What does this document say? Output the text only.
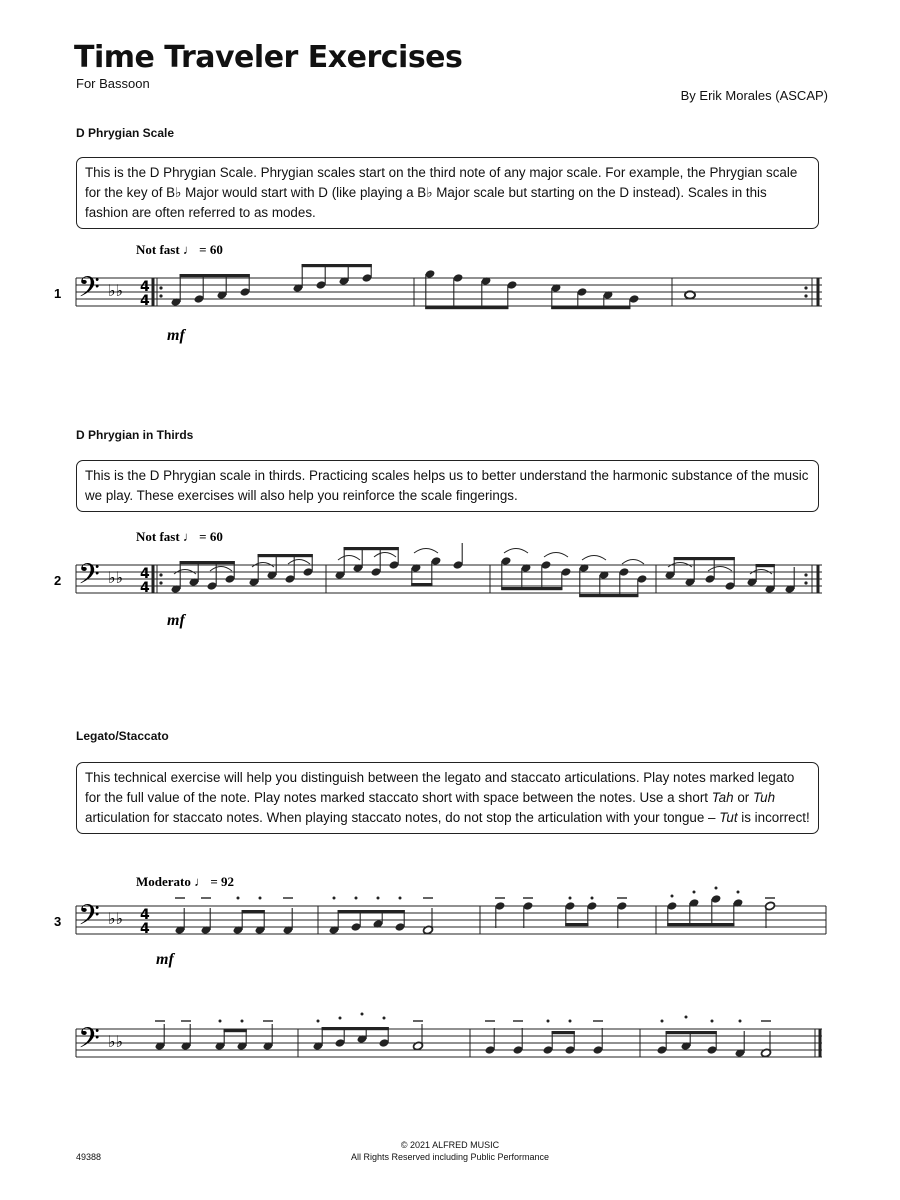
Time Traveler Exercises
For Bassoon
By Erik Morales (ASCAP)
D Phrygian Scale
This is the D Phrygian Scale. Phrygian scales start on the third note of any major scale. For example, the Phrygian scale for the key of B♭ Major would start with D (like playing a B♭ Major scale but starting on the D instead). Scales in this fashion are often referred to as modes.
D Phrygian in Thirds
This is the D Phrygian scale in thirds. Practicing scales helps us to better understand the harmonic substance of the music we play. These exercises will also help you reinforce the scale fingerings.
Legato/Staccato
This technical exercise will help you distinguish between the legato and staccato articulations. Play notes marked legato for the full value of the note. Play notes marked staccato short with space between the notes. Use a short Tah or Tuh articulation for staccato notes. When playing staccato notes, do not stop the articulation with your tongue – Tut is incorrect!
Not fast ♩ = 60
1 𝄢 ♭♭ 4
4
mf
Not fast ♩ = 60
2 𝄢 ♭♭ 4
4
mf
Moderato ♩ = 92
3 𝄢 ♭♭ 4
4
mf
𝄢 ♭♭
© 2021 ALFRED MUSIC
All Rights Reserved including Public Performance
49388
